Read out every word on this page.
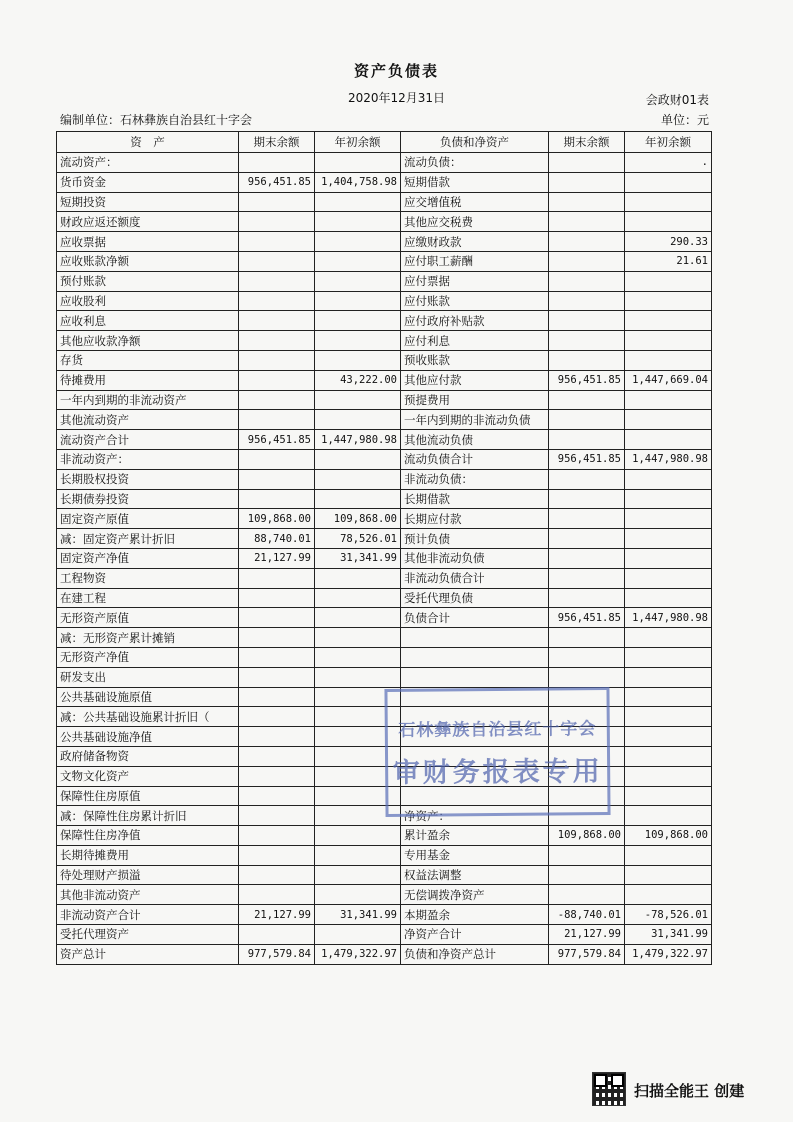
资产负债表
2020年12月31日	会政财01表
编制单位：石林彝族自治县红十字会	单位：元
资　产	期末余额	年初余额	负债和净资产	期末余额	年初余额
流动资产：			流动负债：		.
货币资金	956,451.85	1,404,758.98	短期借款		
短期投资			应交增值税		
财政应返还额度			其他应交税费		
应收票据			应缴财政款		290.33
应收账款净额			应付职工薪酬		21.61
预付账款			应付票据		
应收股利			应付账款		
应收利息			应付政府补贴款		
其他应收款净额			应付利息		
存货			预收账款		
待摊费用		43,222.00	其他应付款	956,451.85	1,447,669.04
一年内到期的非流动资产			预提费用		
其他流动资产			一年内到期的非流动负债		
流动资产合计	956,451.85	1,447,980.98	其他流动负债		
非流动资产：			流动负债合计	956,451.85	1,447,980.98
长期股权投资			非流动负债：		
长期债券投资			长期借款		
固定资产原值	109,868.00	109,868.00	长期应付款		
减：固定资产累计折旧	88,740.01	78,526.01	预计负债		
固定资产净值	21,127.99	31,341.99	其他非流动负债		
工程物资			非流动负债合计		
在建工程			受托代理负债		
无形资产原值			负债合计	956,451.85	1,447,980.98
减：无形资产累计摊销					
无形资产净值					
研发支出					
公共基础设施原值					
减：公共基础设施累计折旧（					
公共基础设施净值					
政府储备物资					
文物文化资产					
保障性住房原值					
减：保障性住房累计折旧			净资产：		
保障性住房净值			累计盈余	109,868.00	109,868.00
长期待摊费用			专用基金		
待处理财产损溢			权益法调整		
其他非流动资产			无偿调拨净资产		
非流动资产合计	21,127.99	31,341.99	本期盈余	-88,740.01	-78,526.01
受托代理资产			净资产合计	21,127.99	31,341.99
资产总计	977,579.84	1,479,322.97	负债和净资产总计	977,579.84	1,479,322.97
石林彝族自治县红十字会
审财务报表专用
扫描全能王 创建
